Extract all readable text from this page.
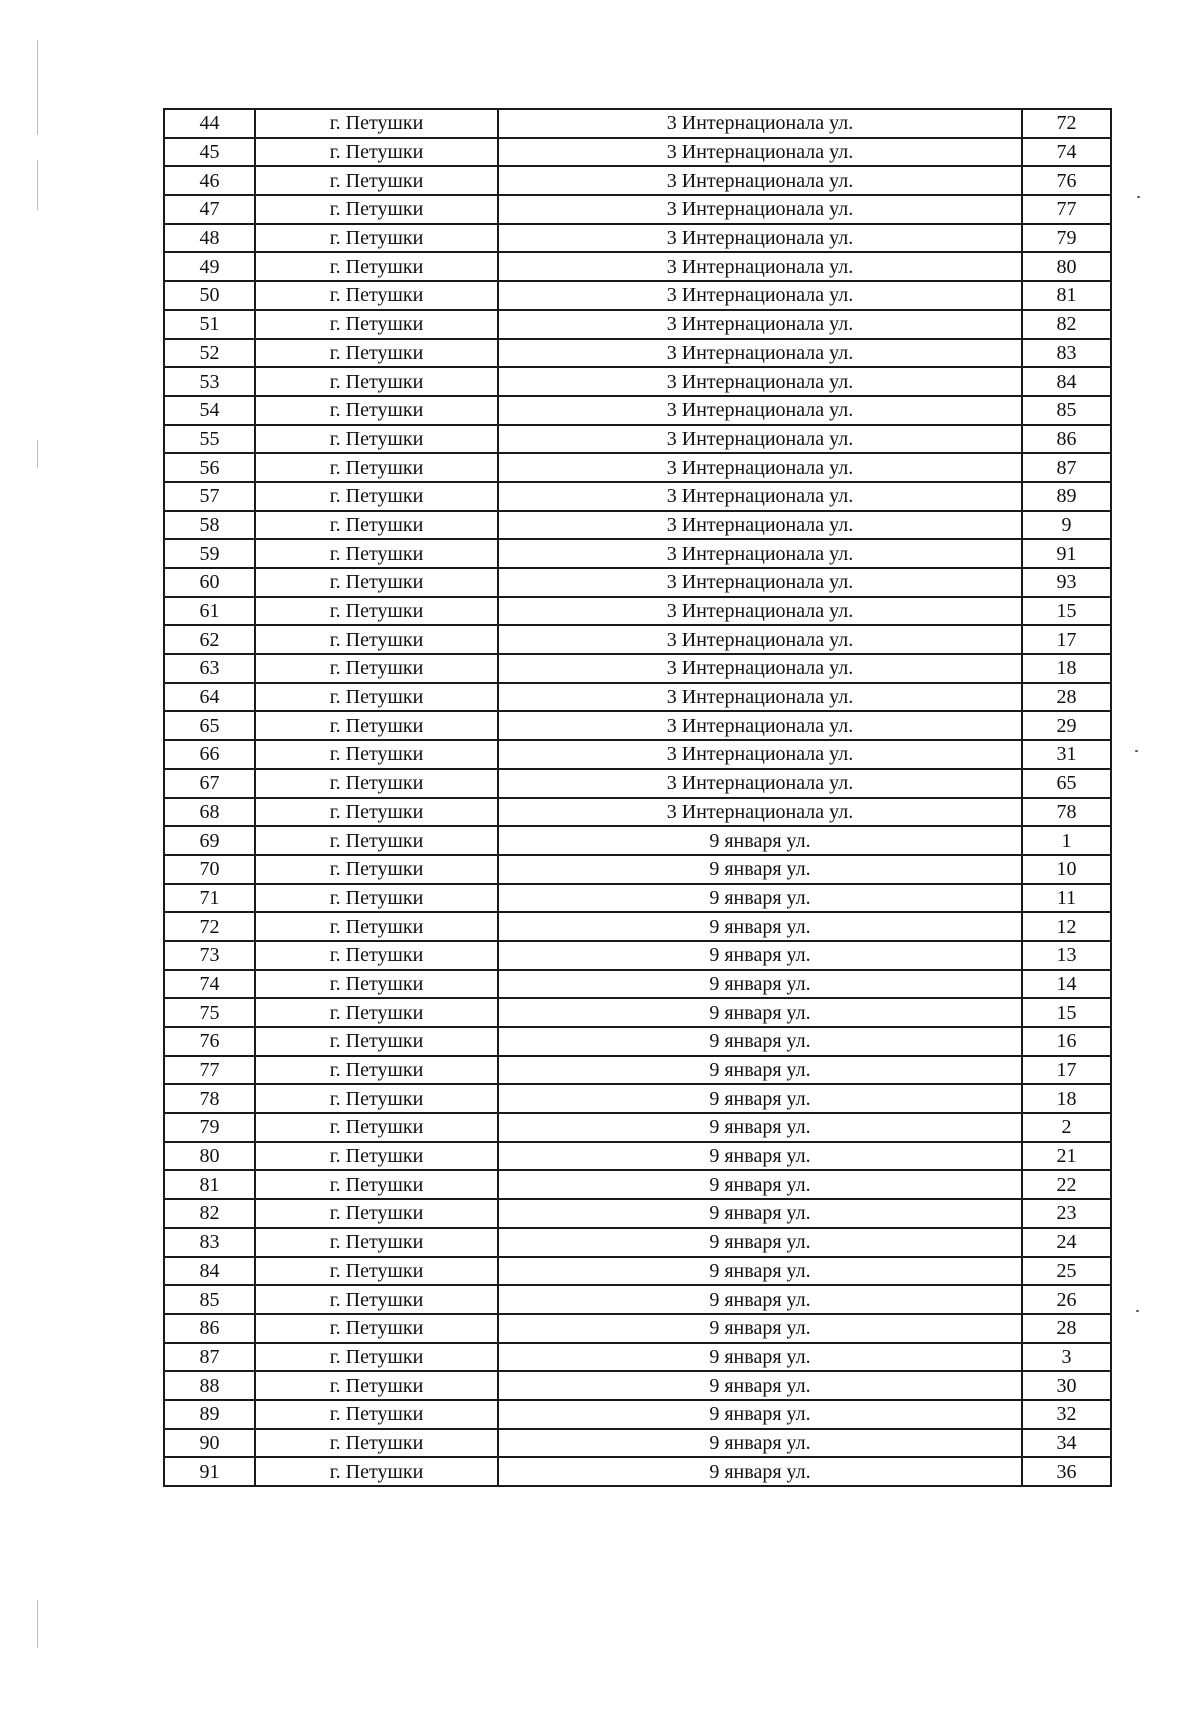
44	г. Петушки	3 Интернационала ул.	72
45	г. Петушки	3 Интернационала ул.	74
46	г. Петушки	3 Интернационала ул.	76
47	г. Петушки	3 Интернационала ул.	77
48	г. Петушки	3 Интернационала ул.	79
49	г. Петушки	3 Интернационала ул.	80
50	г. Петушки	3 Интернационала ул.	81
51	г. Петушки	3 Интернационала ул.	82
52	г. Петушки	3 Интернационала ул.	83
53	г. Петушки	3 Интернационала ул.	84
54	г. Петушки	3 Интернационала ул.	85
55	г. Петушки	3 Интернационала ул.	86
56	г. Петушки	3 Интернационала ул.	87
57	г. Петушки	3 Интернационала ул.	89
58	г. Петушки	3 Интернационала ул.	9
59	г. Петушки	3 Интернационала ул.	91
60	г. Петушки	3 Интернационала ул.	93
61	г. Петушки	3 Интернационала ул.	15
62	г. Петушки	3 Интернационала ул.	17
63	г. Петушки	3 Интернационала ул.	18
64	г. Петушки	3 Интернационала ул.	28
65	г. Петушки	3 Интернационала ул.	29
66	г. Петушки	3 Интернационала ул.	31
67	г. Петушки	3 Интернационала ул.	65
68	г. Петушки	3 Интернационала ул.	78
69	г. Петушки	9 января ул.	1
70	г. Петушки	9 января ул.	10
71	г. Петушки	9 января ул.	11
72	г. Петушки	9 января ул.	12
73	г. Петушки	9 января ул.	13
74	г. Петушки	9 января ул.	14
75	г. Петушки	9 января ул.	15
76	г. Петушки	9 января ул.	16
77	г. Петушки	9 января ул.	17
78	г. Петушки	9 января ул.	18
79	г. Петушки	9 января ул.	2
80	г. Петушки	9 января ул.	21
81	г. Петушки	9 января ул.	22
82	г. Петушки	9 января ул.	23
83	г. Петушки	9 января ул.	24
84	г. Петушки	9 января ул.	25
85	г. Петушки	9 января ул.	26
86	г. Петушки	9 января ул.	28
87	г. Петушки	9 января ул.	3
88	г. Петушки	9 января ул.	30
89	г. Петушки	9 января ул.	32
90	г. Петушки	9 января ул.	34
91	г. Петушки	9 января ул.	36
